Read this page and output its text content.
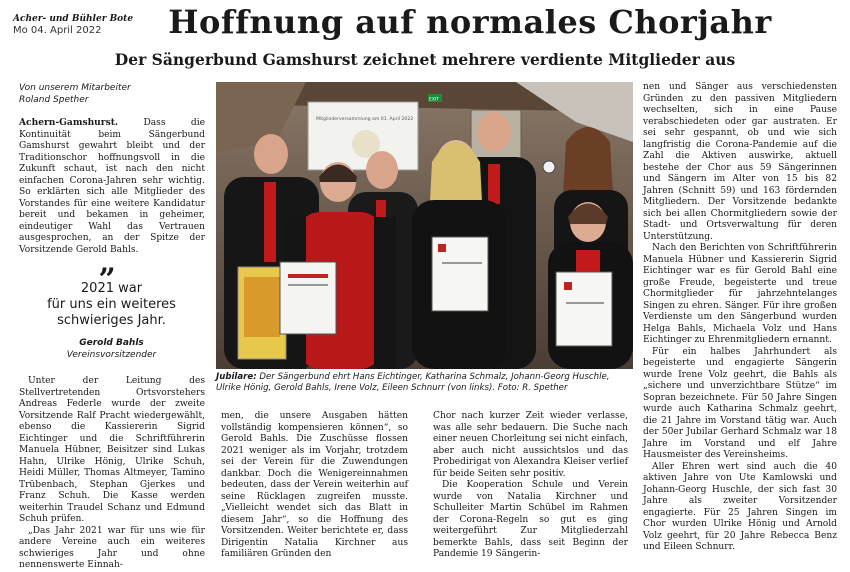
Acher- und Bühler Bote
Mo 04. April 2022	Hoffnung auf normales Chorjahr
Der Sängerbund Gamshurst zeichnet mehrere verdiente Mitglieder aus
Von unserem Mitarbeiter
Roland Spether

Achern-Gamshurst.	Dass die Kontinuität beim Sängerbund Gamshurst gewahrt bleibt und der Traditionschor hoffnungsvoll in die Zukunft schaut, ist nach den nicht einfachen Corona-Jahren sehr wichtig. So erklärten sich alle Mitglieder des Vorstandes für eine weitere Kandidatur bereit und bekamen in geheimer, eindeutiger Wahl das Vertrauen ausgesprochen, an der Spitze der Vorsitzende Gerold Bahls.

„
2021 war
für uns ein weiteres
schwieriges Jahr.
Gerold Bahls
Vereinsvorsitzender
Mitgliederversammlung am 01. April 2022
EXIT
Jubilare: Der Sängerbund ehrt Hans Eichtinger, Katharina Schmalz, Johann-Georg Huschle, Ulrike Hönig, Gerold Bahls, Irene Volz, Eileen Schnurr (von links). Foto: R. Spether

Unter der Leitung des Stellvertretenden Ortsvorstehers Andreas Federle wurde der zweite Vorsitzende Ralf Pracht wiedergewählt, ebenso die Kassiererin Sigrid Eichtinger und die Schriftführerin Manuela Hübner, Beisitzer sind Lukas Hahn, Ulrike Hönig, Ulrike Schuh, Heidi Müller, Thomas Altmeyer, Tamino Trübenbach, Stephan Gjerkes und Franz Schuh. Die Kasse werden weiterhin Traudel Schanz und Edmund Schuh prüfen.

„Das Jahr 2021 war für uns wie für andere Vereine auch ein weiteres schwieriges Jahr und ohne nennenswerte Einnah-

men, die unsere Ausgaben hätten vollständig kompensieren können“, so Gerold Bahls. Die Zuschüsse flossen 2021 weniger als im Vorjahr, trotzdem sei der Verein für die Zuwendungen dankbar. Doch die Wenigereinnahmen bedeuten, dass der Verein weiterhin auf seine Rücklagen zugreifen musste. „Vielleicht wendet sich das Blatt in diesem Jahr“, so die Hoffnung des Vorsitzenden. Weiter berichtete er, dass Dirigentin Natalia Kirchner aus familiären Gründen den

Chor nach kurzer Zeit wieder verlasse, was alle sehr bedauern. Die Suche nach einer neuen Chorleitung sei nicht einfach, aber auch nicht aussichtslos und das Probedirigat von Alexandra Kleiser verlief für beide Seiten sehr positiv.

Die Kooperation Schule und Verein wurde von Natalia Kirchner und Schulleiter Martin Schübel im Rahmen der Corona-Regeln so gut es ging weitergeführt Zur Mitgliederzahl bemerkte Bahls, dass seit Beginn der Pandemie 19 Sängerin-

nen und Sänger aus verschiedensten Gründen zu den passiven Mitgliedern wechselten, sich in eine Pause verabschiedeten oder gar austraten. Er sei sehr gespannt, ob und wie sich langfristig die Corona-Pandemie auf die Zahl die Aktiven auswirke, aktuell bestehe der Chor aus 59 Sängerinnen und Sängern im Alter von 15 bis 82 Jahren (Schnitt 59) und 163 fördernden Mitgliedern. Der Vorsitzende bedankte sich bei allen Chormitgliedern sowie der Stadt- und Ortsverwaltung für deren Unterstützung.

Nach den Berichten von Schriftführerin Manuela Hübner und Kassiererin Sigrid Eichtinger war es für Gerold Bahl eine große Freude, begeisterte und treue Chormitglieder für jahrzehntelanges Singen zu ehren. Sänger. Für ihre großen Verdienste um den Sängerbund wurden Helga Bahls, Michaela Volz und Hans Eichtinger zu Ehrenmitgliedern ernannt.

Für ein halbes Jahrhundert als begeisterte und engagierte Sängerin wurde Irene Volz geehrt, die Bahls als „sichere und unverzichtbare Stütze“ im Sopran bezeichnete. Für 50 Jahre Singen wurde auch Katharina Schmalz geehrt, die 21 Jahre im Vorstand tätig war. Auch der 50er Jubilar Gerhard Schmalz war 18 Jahre im Vorstand und elf Jahre Hausmeister des Vereinsheims.

Aller Ehren wert sind auch die 40 aktiven Jahre von Ute Kamlowski und Johann-Georg Huschle, der sich fast 30 Jahre als zweiter Vorsitzender engagierte. Für 25 Jahren Singen im Chor wurden Ulrike Hönig und Arnold Volz geehrt, für 20 Jahre Rebecca Benz und Eileen Schnurr.
